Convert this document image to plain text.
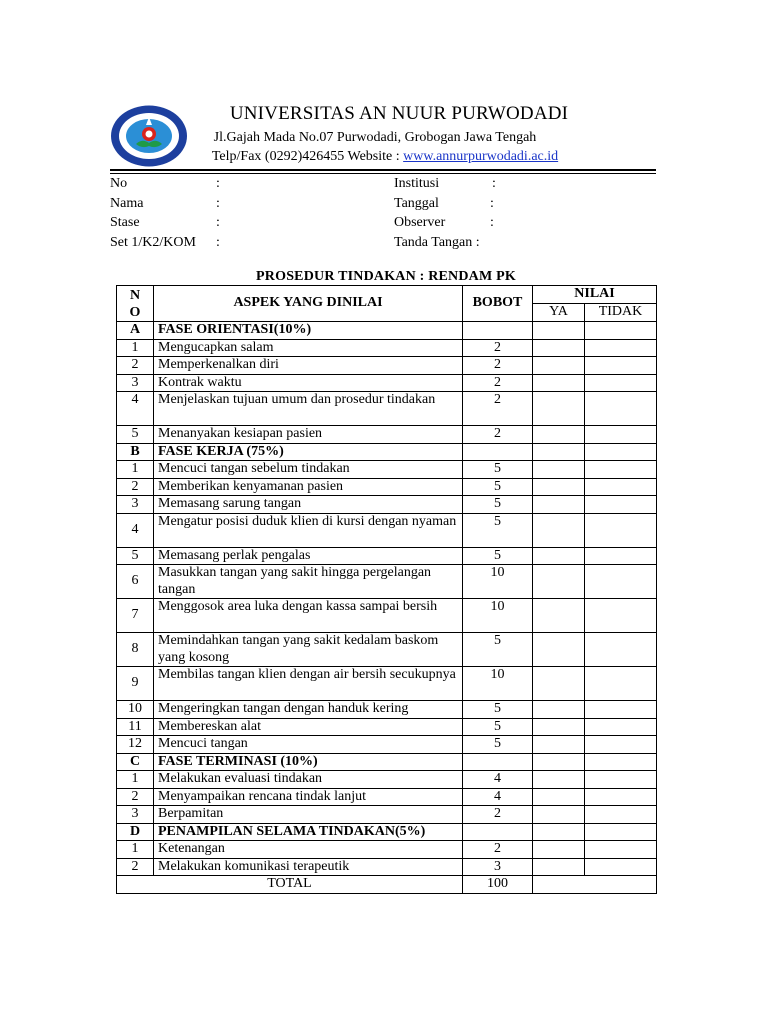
UNIVERSITAS AN NUUR PURWODADI
Jl.Gajah Mada No.07 Purwodadi, Grobogan Jawa Tengah
Telp/Fax (0292)426455 Website : www.annurpurwodadi.ac.id
No	:
Nama	:
Stase	:
Set 1/K2/KOM :
Institusi	:
Tanggal	:
Observer	:
Tanda Tangan :
PROSEDUR TINDAKAN : RENDAM PK
N
O	ASPEK YANG DINILAI	BOBOT	NILAI	
			YA	TIDAK
A	FASE ORIENTASI(10%)			
1	Mengucapkan salam	2		
2	Memperkenalkan diri	2		
3	Kontrak waktu	2		
4	Menjelaskan tujuan umum dan prosedur tindakan	2		
5	Menanyakan kesiapan pasien	2		
B	FASE KERJA (75%)			
1	Mencuci tangan sebelum tindakan	5		
2	Memberikan kenyamanan pasien	5		
3	Memasang sarung tangan	5		
4	Mengatur posisi duduk klien di kursi dengan nyaman	5		
5	Memasang perlak pengalas	5		
6	Masukkan tangan yang sakit hingga pergelangan tangan	10		
7	Menggosok area luka dengan kassa sampai bersih	10		
8	Memindahkan tangan yang sakit kedalam baskom yang kosong	5		
9	Membilas tangan klien dengan air bersih secukupnya	10		
10	Mengeringkan tangan dengan handuk kering	5		
11	Membereskan alat	5		
12	Mencuci tangan	5		
C	FASE TERMINASI (10%)			
1	Melakukan evaluasi tindakan	4		
2	Menyampaikan rencana tindak lanjut	4		
3	Berpamitan	2		
D	PENAMPILAN SELAMA TINDAKAN(5%)			
1	Ketenangan	2		
2	Melakukan komunikasi terapeutik	3		
TOTAL		100		
